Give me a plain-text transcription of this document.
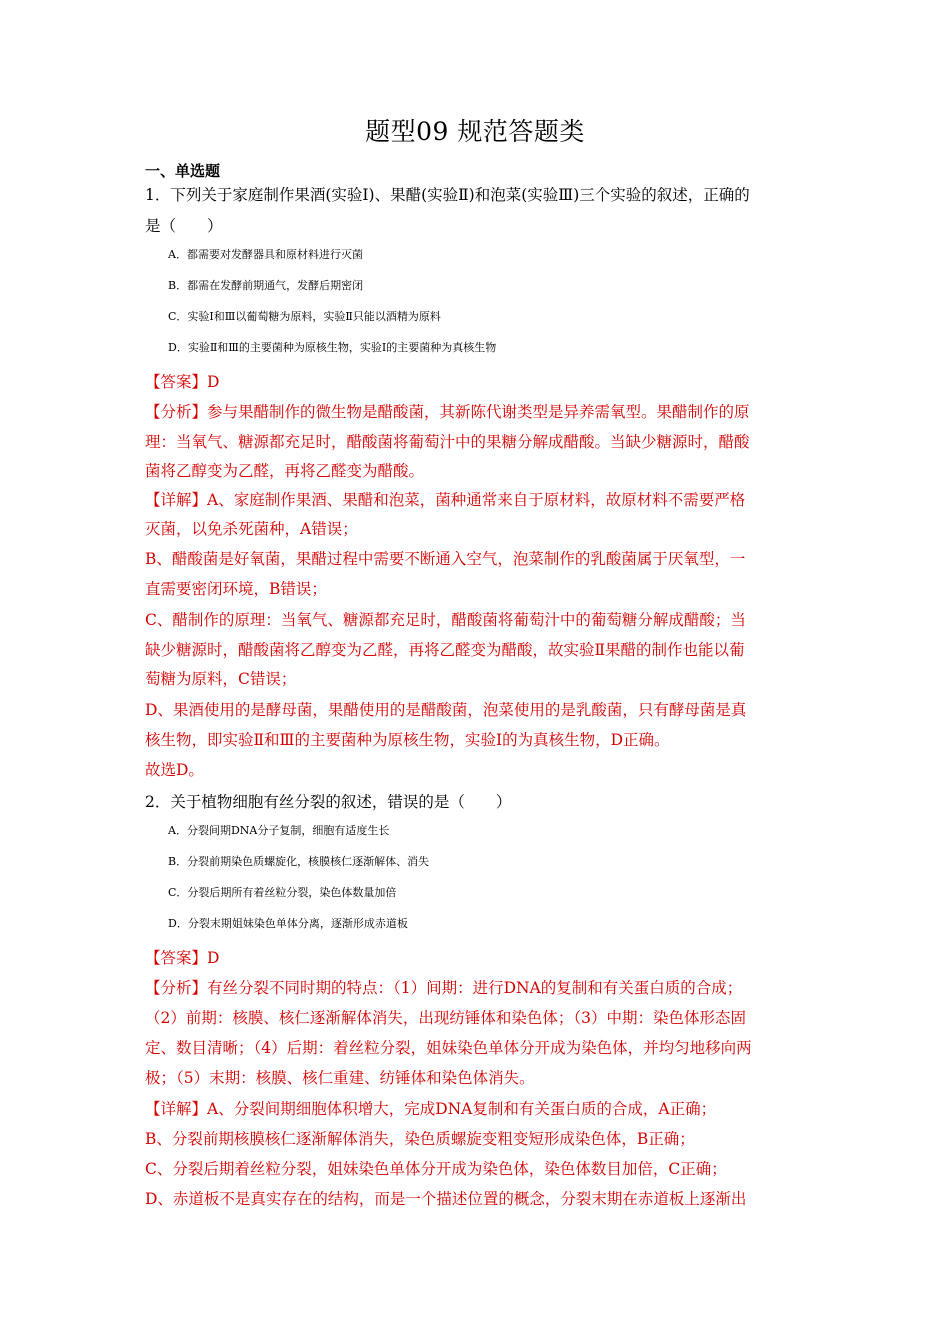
题型09 规范答题类
一、单选题
1．下列关于家庭制作果酒(实验Ⅰ)、果醋(实验Ⅱ)和泡菜(实验Ⅲ)三个实验的叙述，正确的
是（　　）
A．都需要对发酵器具和原材料进行灭菌
B．都需在发酵前期通气，发酵后期密闭
C．实验Ⅰ和Ⅲ以葡萄糖为原料，实验Ⅱ只能以酒精为原料
D．实验Ⅱ和Ⅲ的主要菌种为原核生物，实验Ⅰ的主要菌种为真核生物
【答案】D
【分析】参与果醋制作的微生物是醋酸菌，其新陈代谢类型是异养需氧型。果醋制作的原
理：当氧气、糖源都充足时，醋酸菌将葡萄汁中的果糖分解成醋酸。当缺少糖源时，醋酸
菌将乙醇变为乙醛，再将乙醛变为醋酸。
【详解】A、家庭制作果酒、果醋和泡菜，菌种通常来自于原材料，故原材料不需要严格
灭菌，以免杀死菌种，A错误；
B、醋酸菌是好氧菌，果醋过程中需要不断通入空气，泡菜制作的乳酸菌属于厌氧型，一
直需要密闭环境，B错误；
C、醋制作的原理：当氧气、糖源都充足时，醋酸菌将葡萄汁中的葡萄糖分解成醋酸；当
缺少糖源时，醋酸菌将乙醇变为乙醛，再将乙醛变为醋酸，故实验Ⅱ果醋的制作也能以葡
萄糖为原料，C错误；
D、果酒使用的是酵母菌，果醋使用的是醋酸菌，泡菜使用的是乳酸菌，只有酵母菌是真
核生物，即实验Ⅱ和Ⅲ的主要菌种为原核生物，实验Ⅰ的为真核生物，D正确。
故选D。
2．关于植物细胞有丝分裂的叙述，错误的是（　　）
A．分裂间期DNA分子复制，细胞有适度生长
B．分裂前期染色质螺旋化，核膜核仁逐渐解体、消失
C．分裂后期所有着丝粒分裂，染色体数量加倍
D．分裂末期姐妹染色单体分离，逐渐形成赤道板
【答案】D
【分析】有丝分裂不同时期的特点：（1）间期：进行DNA的复制和有关蛋白质的合成；
（2）前期：核膜、核仁逐渐解体消失，出现纺锤体和染色体；（3）中期：染色体形态固
定、数目清晰；（4）后期：着丝粒分裂，姐妹染色单体分开成为染色体，并均匀地移向两
极；（5）末期：核膜、核仁重建、纺锤体和染色体消失。
【详解】A、分裂间期细胞体积增大，完成DNA复制和有关蛋白质的合成，A正确；
B、分裂前期核膜核仁逐渐解体消失，染色质螺旋变粗变短形成染色体，B正确；
C、分裂后期着丝粒分裂，姐妹染色单体分开成为染色体，染色体数目加倍，C正确；
D、赤道板不是真实存在的结构，而是一个描述位置的概念，分裂末期在赤道板上逐渐出
